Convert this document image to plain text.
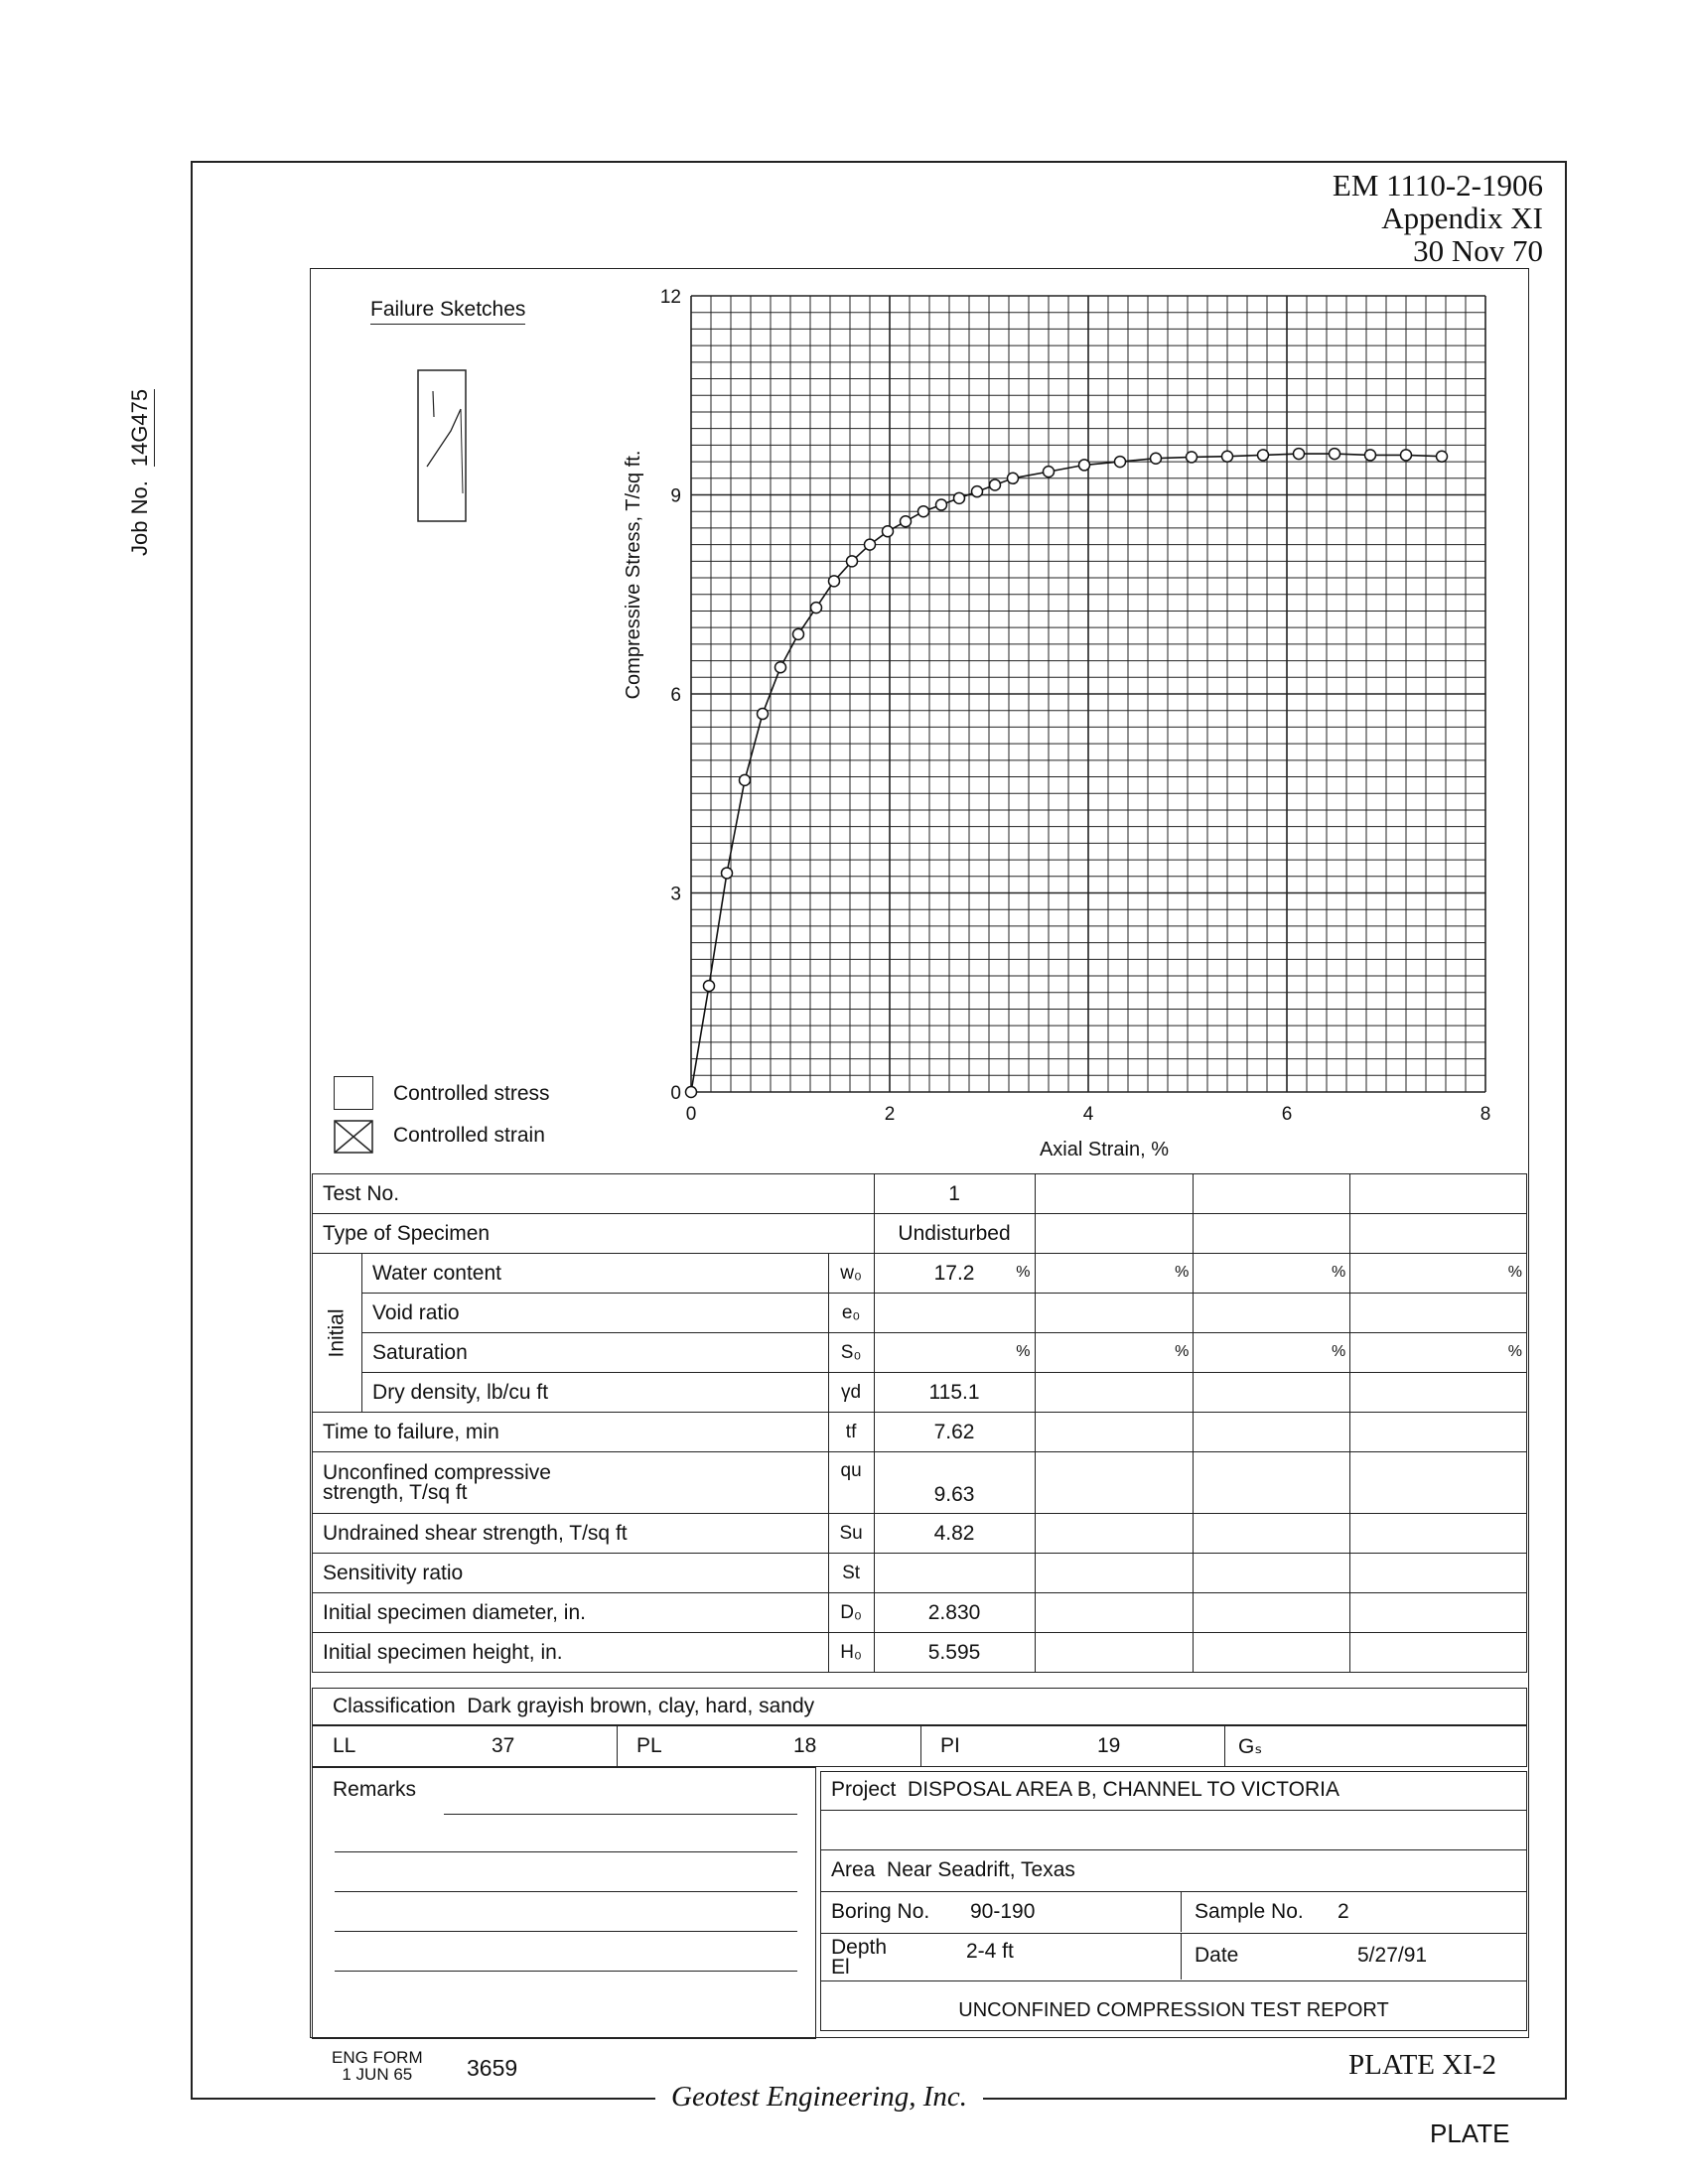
Job No.14G475
EM 1110-2-1906
Appendix XI
30 Nov 70
Failure Sketches
Controlled stress
Controlled strain
0	2	4	6	8
0
3
6
9
12
Axial Strain, %
Compressive Stress, T/sq ft.
Test No.			1			
Type of Specimen			Undisturbed			

Initial	Water content	w₀	17.2 %	%	%	%

	Void ratio	e₀				
	Saturation	S₀	%	%	%	%

	Dry density, lb/cu ft	γd	115.1			
Time to failure, min		tf	7.62			

Unconfined compressive
strength, T/sq ft		qu	9.63			
Undrained shear strength, T/sq ft		Su	4.82			
Sensitivity ratio		St				
Initial specimen diameter, in.		D₀	2.830			
Initial specimen height, in.		H₀	5.595			
Classification Dark grayish brown, clay, hard, sandy
LL	37	PL	18	PI	19	Gₛ
Remarks	Project DISPOSAL AREA B, CHANNEL TO VICTORIA
Area Near Seadrift, Texas
Boring No. 90-190	Sample No. 2
Depth
El
2-4 ft	Date	5/27/91
UNCONFINED COMPRESSION TEST REPORT
ENG FORM
1 JUN 65	3659	PLATE XI-2
Geotest Engineering, Inc.
PLATE
